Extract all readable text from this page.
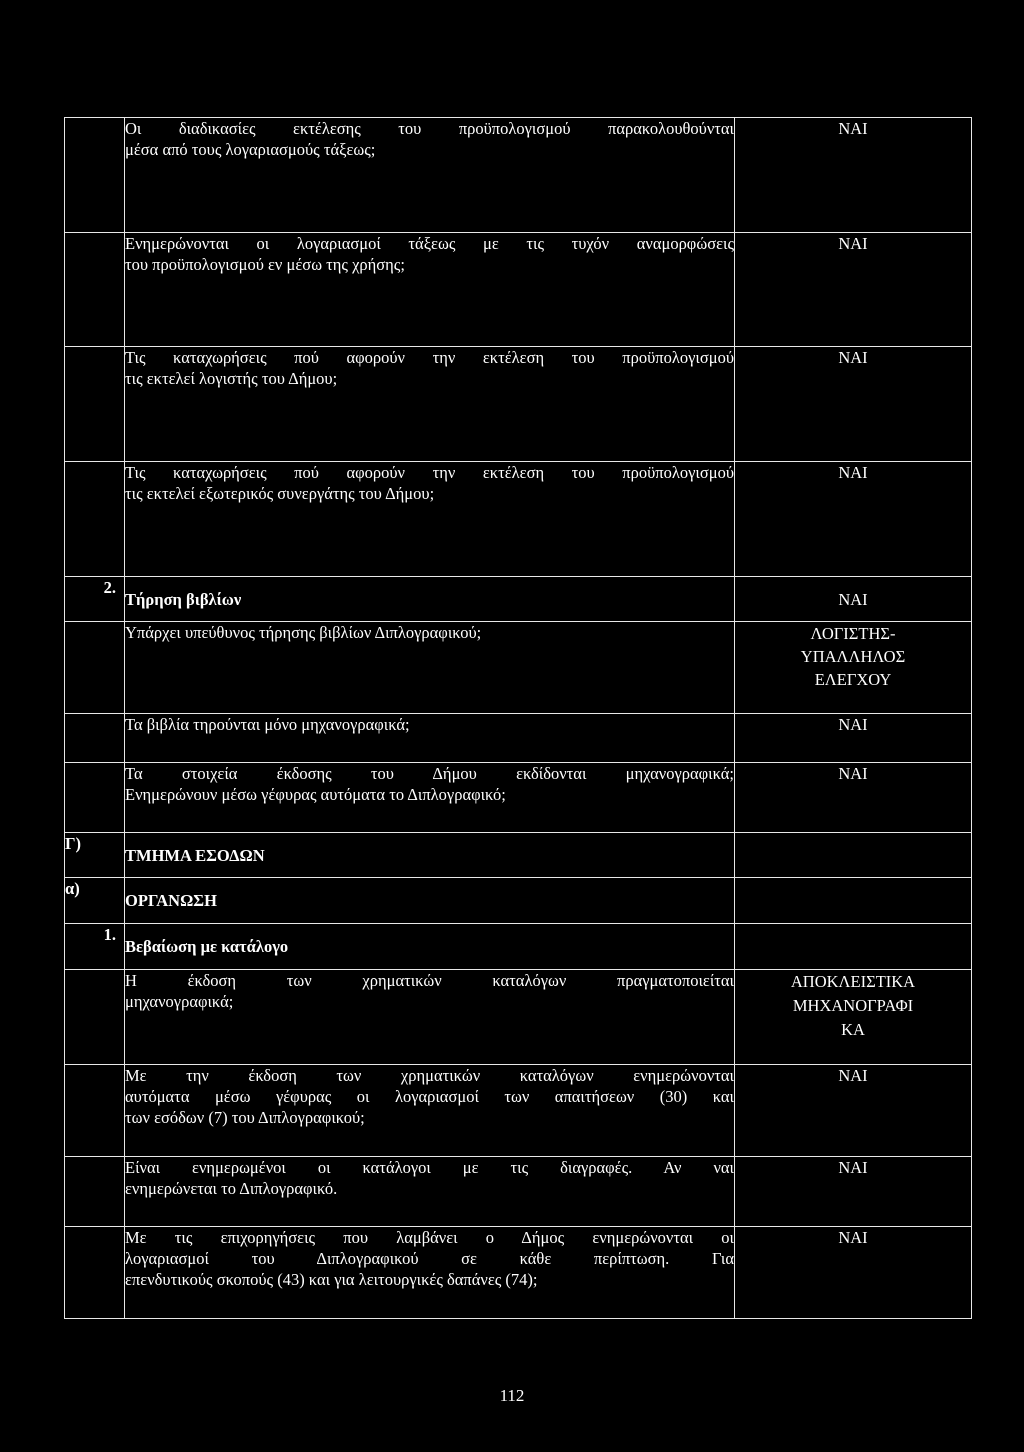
	Οι διαδικασίες εκτέλεσης του προϋπολογισμού παρακολουθούνται
μέσα από τους λογαριασμούς τάξεως;	ΝΑΙ

	Ενημερώνονται οι λογαριασμοί τάξεως με τις τυχόν αναμορφώσεις
του προϋπολογισμού εν μέσω της χρήσης;	ΝΑΙ

	Τις καταχωρήσεις πού αφορούν την εκτέλεση του προϋπολογισμού
τις εκτελεί λογιστής του Δήμου;	ΝΑΙ

	Τις καταχωρήσεις πού αφορούν την εκτέλεση του προϋπολογισμού
τις εκτελεί εξωτερικός συνεργάτης του Δήμου;	ΝΑΙ
2.	Τήρηση βιβλίων	ΝΑΙ

	Υπάρχει υπεύθυνος τήρησης βιβλίων Διπλογραφικού;	ΛΟΓΙΣΤΗΣ-
ΥΠΑΛΛΗΛΟΣ
ΕΛΕΓΧΟΥ

	Τα βιβλία τηρούνται μόνο μηχανογραφικά;	ΝΑΙ

	Τα στοιχεία έκδοσης του Δήμου εκδίδονται μηχανογραφικά;
Ενημερώνουν μέσω γέφυρας αυτόματα το Διπλογραφικό;	ΝΑΙ
Γ)	ΤΜΗΜΑ ΕΣΟΔΩΝ	
α)	ΟΡΓΑΝΩΣΗ	
1.	Βεβαίωση με κατάλογο	

	Η έκδοση των χρηματικών καταλόγων πραγματοποιείται
μηχανογραφικά;	ΑΠΟΚΛΕΙΣΤΙΚΑ
ΜΗΧΑΝΟΓΡΑΦΙ
ΚΑ

	Με την έκδοση των χρηματικών καταλόγων ενημερώνονται
αυτόματα μέσω γέφυρας οι λογαριασμοί των απαιτήσεων (30) και
των εσόδων (7) του Διπλογραφικού;	ΝΑΙ

	Είναι ενημερωμένοι οι κατάλογοι με τις διαγραφές. Αν ναι
ενημερώνεται το Διπλογραφικό.	ΝΑΙ

	Με τις επιχορηγήσεις που λαμβάνει ο Δήμος ενημερώνονται οι
λογαριασμοί του Διπλογραφικού σε κάθε περίπτωση. Για
επενδυτικούς σκοπούς (43) και για λειτουργικές δαπάνες (74);	ΝΑΙ
112
